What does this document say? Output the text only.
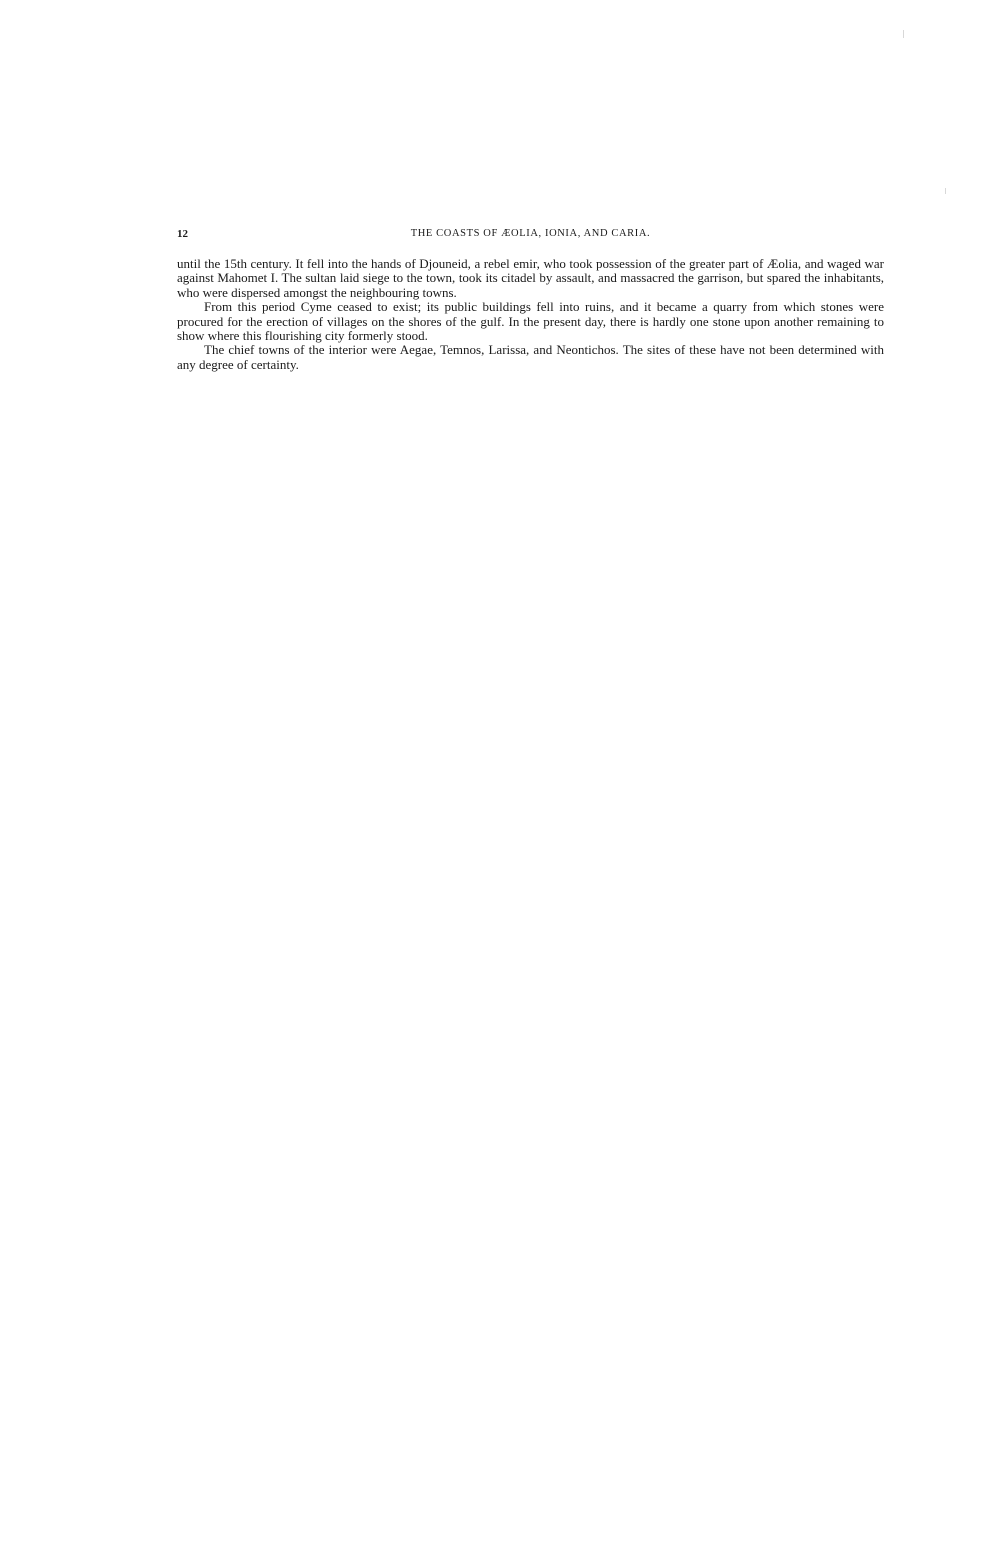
12	THE COASTS OF ÆOLIA, IONIA, AND CARIA.

until the 15th century. It fell into the hands of Djouneid, a rebel emir, who took possession of the greater part of Æolia, and waged war against Mahomet I. The sultan laid siege to the town, took its citadel by assault, and massacred the garrison, but spared the inhabitants, who were dispersed amongst the neighbouring towns.

From this period Cyme ceased to exist; its public buildings fell into ruins, and it became a quarry from which stones were procured for the erection of villages on the shores of the gulf. In the present day, there is hardly one stone upon another remaining to show where this flourishing city formerly stood.

The chief towns of the interior were Aegae, Temnos, Larissa, and Neontichos. The sites of these have not been determined with any degree of certainty.
